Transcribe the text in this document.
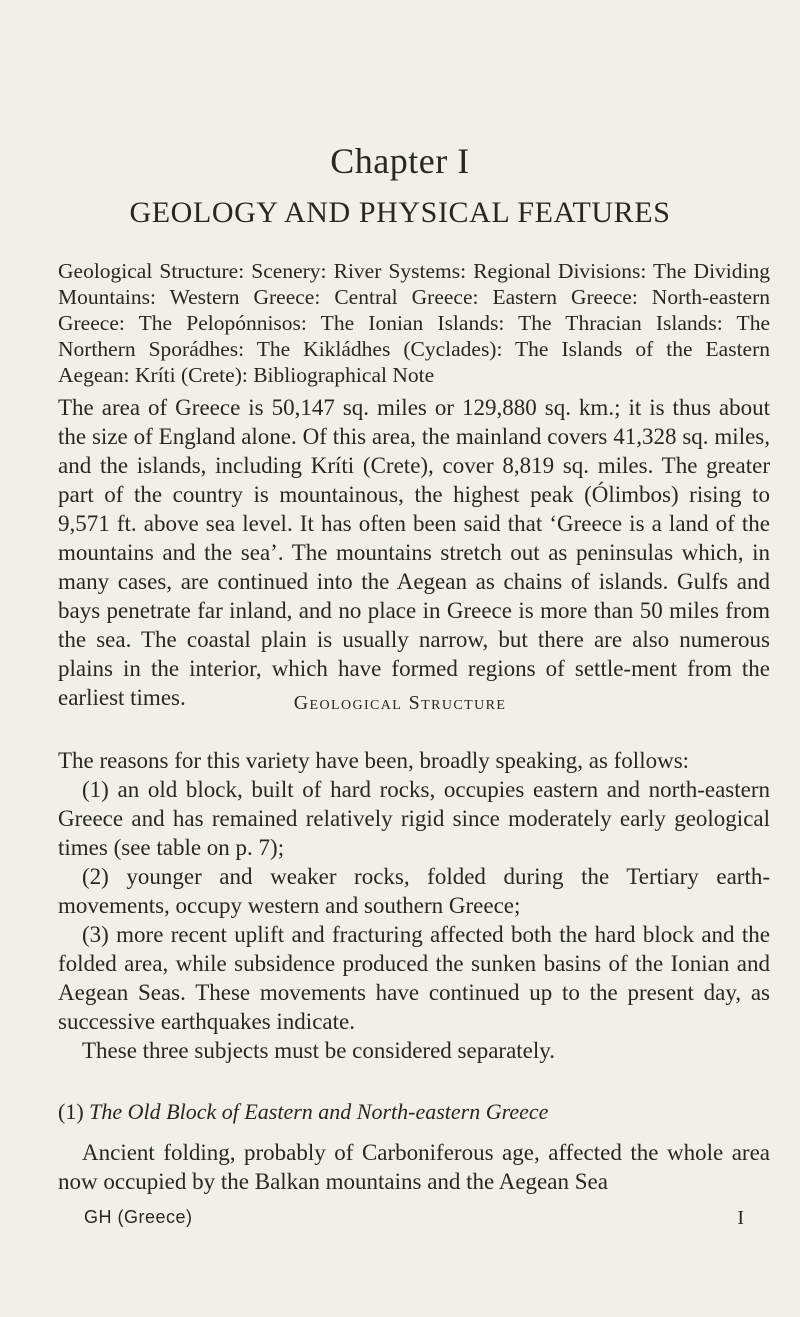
Chapter I
GEOLOGY AND PHYSICAL FEATURES

Geological Structure: Scenery: River Systems: Regional Divisions: The Dividing Mountains: Western Greece: Central Greece: Eastern Greece: North-eastern Greece: The Pelopónnisos: The Ionian Islands: The Thracian Islands: The Northern Sporádhes: The Kikládhes (Cyclades): The Islands of the Eastern Aegean: Kríti (Crete): Bibliographical Note

The area of Greece is 50,147 sq. miles or 129,880 sq. km.; it is thus about the size of England alone. Of this area, the mainland covers 41,328 sq. miles, and the islands, including Kríti (Crete), cover 8,819 sq. miles. The greater part of the country is mountainous, the highest peak (Ólimbos) rising to 9,571 ft. above sea level. It has often been said that ‘Greece is a land of the mountains and the sea’. The mountains stretch out as peninsulas which, in many cases, are continued into the Aegean as chains of islands. Gulfs and bays penetrate far inland, and no place in Greece is more than 50 miles from the sea. The coastal plain is usually narrow, but there are also numerous plains in the interior, which have formed regions of settle-ment from the earliest times.	Geological Structure

The reasons for this variety have been, broadly speaking, as follows:

(1) an old block, built of hard rocks, occupies eastern and north-eastern Greece and has remained relatively rigid since moderately early geological times (see table on p. 7);

(2) younger and weaker rocks, folded during the Tertiary earth-movements, occupy western and southern Greece;

(3) more recent uplift and fracturing affected both the hard block and the folded area, while subsidence produced the sunken basins of the Ionian and Aegean Seas. These movements have continued up to the present day, as successive earthquakes indicate.

These three subjects must be considered separately.

(1) The Old Block of Eastern and North-eastern Greece

Ancient folding, probably of Carboniferous age, affected the whole area now occupied by the Balkan mountains and the Aegean Sea

GH (Greece)	I
